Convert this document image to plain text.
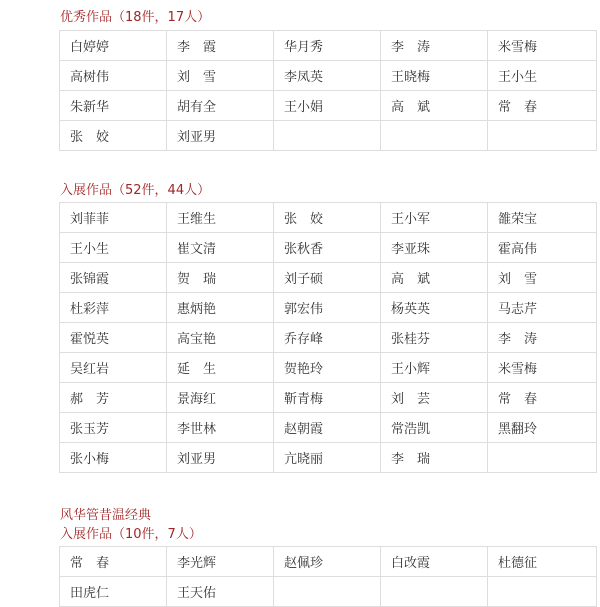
优秀作品（18件，17人）
白婷婷	李　霞	华月秀	李　涛	米雪梅
高树伟	刘　雪	李凤英	王晓梅	王小生
朱新华	胡有全	王小娟	高　斌	常　春
张　姣	刘亚男			
入展作品（52件，44人）
刘菲菲	王维生	张　姣	王小军	雒荣宝
王小生	崔文清	张秋香	李亚珠	霍高伟
张锦霞	贺　瑞	刘子硕	高　斌	刘　雪
杜彩萍	惠炳艳	郭宏伟	杨英英	马志芹
霍悦英	高宝艳	乔存峰	张桂芬	李　涛
吴红岩	延　生	贺艳玲	王小辉	米雪梅
郝　芳	景海红	靳青梅	刘　芸	常　春
张玉芳	李世林	赵朝霞	常浩凯	黑翻玲
张小梅	刘亚男	亢晓丽	李　瑞	
风华管昔温经典
入展作品（10件，7人）
常　春	李光辉	赵佩珍	白改霞	杜德征
田虎仁	王天佑			
